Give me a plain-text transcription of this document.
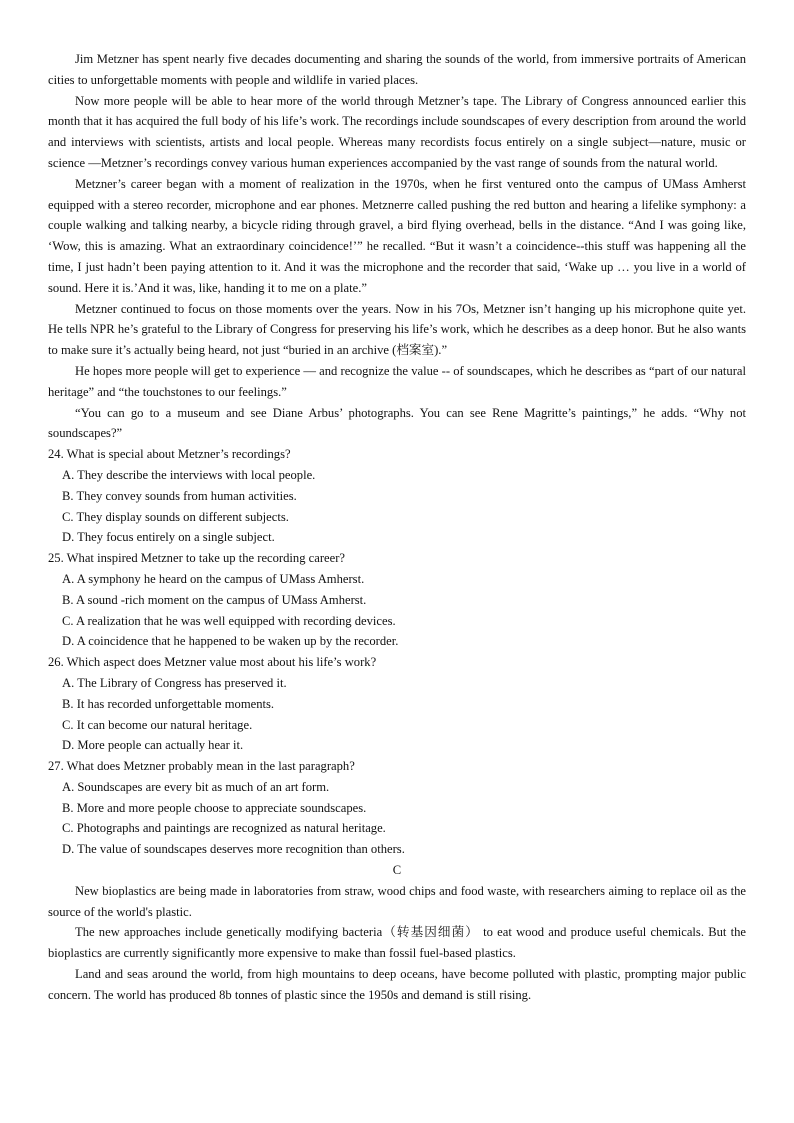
Jim Metzner has spent nearly five decades documenting and sharing the sounds of the world, from immersive portraits of American cities to unforgettable moments with people and wildlife in varied places.

Now more people will be able to hear more of the world through Metzner’s tape. The Library of Congress announced earlier this month that it has acquired the full body of his life’s work. The recordings include soundscapes of every description from around the world and interviews with scientists, artists and local people. Whereas many recordists focus entirely on a single subject—nature, music or science —Metzner’s recordings convey various human experiences accompanied by the vast range of sounds from the natural world.

Metzner’s career began with a moment of realization in the 1970s, when he first ventured onto the campus of UMass Amherst equipped with a stereo recorder, microphone and ear phones. Metznerre called pushing the red button and hearing a lifelike symphony: a couple walking and talking nearby, a bicycle riding through gravel, a bird flying overhead, bells in the distance. “And I was going like, ‘Wow, this is amazing. What an extraordinary coincidence!’” he recalled. “But it wasn’t a coincidence--this stuff was happening all the time, I just hadn’t been paying attention to it. And it was the microphone and the recorder that said, ‘Wake up … you live in a world of sound. Here it is.’And it was, like, handing it to me on a plate.”

Metzner continued to focus on those moments over the years. Now in his 7Os, Metzner isn’t hanging up his microphone quite yet. He tells NPR he’s grateful to the Library of Congress for preserving his life’s work, which he describes as a deep honor. But he also wants to make sure it’s actually being heard, not just “buried in an archive (档案室).”

He hopes more people will get to experience — and recognize the value -- of soundscapes, which he describes as “part of our natural heritage” and “the touchstones to our feelings.”

“You can go to a museum and see Diane Arbus’ photographs. You can see Rene Magritte’s paintings,” he adds. “Why not soundscapes?”

24. What is special about Metzner’s recordings?

A. They describe the interviews with local people.

B. They convey sounds from human activities.

C. They display sounds on different subjects.

D. They focus entirely on a single subject.

25. What inspired Metzner to take up the recording career?

A. A symphony he heard on the campus of UMass Amherst.

B. A sound -rich moment on the campus of UMass Amherst.

C. A realization that he was well equipped with recording devices.

D. A coincidence that he happened to be waken up by the recorder.

26. Which aspect does Metzner value most about his life’s work?

A. The Library of Congress has preserved it.

B. It has recorded unforgettable moments.

C. It can become our natural heritage.

D. More people can actually hear it.

27. What does Metzner probably mean in the last paragraph?

A. Soundscapes are every bit as much of an art form.

B. More and more people choose to appreciate soundscapes.

C. Photographs and paintings are recognized as natural heritage.

D. The value of soundscapes deserves more recognition than others.

C

New bioplastics are being made in laboratories from straw, wood chips and food waste, with researchers aiming to replace oil as the source of the world's plastic.

The new approaches include genetically modifying bacteria（转基因细菌） to eat wood and produce useful chemicals. But the bioplastics are currently significantly more expensive to make than fossil fuel-based plastics.

Land and seas around the world, from high mountains to deep oceans, have become polluted with plastic, prompting major public concern. The world has produced 8b tonnes of plastic since the 1950s and demand is still rising.
